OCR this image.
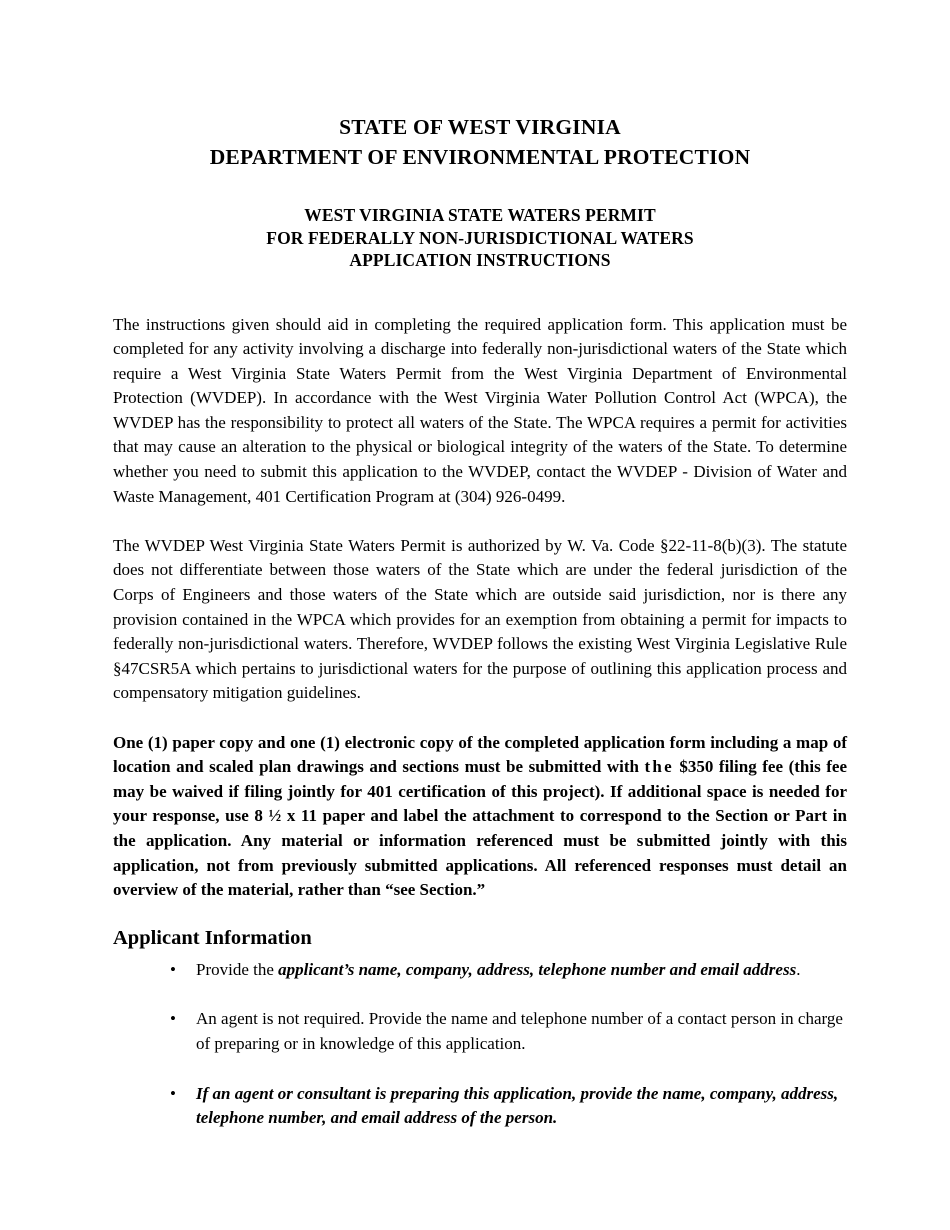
STATE OF WEST VIRGINIA
DEPARTMENT OF ENVIRONMENTAL PROTECTION
WEST VIRGINIA STATE WATERS PERMIT
FOR FEDERALLY NON-JURISDICTIONAL WATERS
APPLICATION INSTRUCTIONS

The instructions given should aid in completing the required application form. This application must be completed for any activity involving a discharge into federally non-jurisdictional waters of the State which require a West Virginia State Waters Permit from the West Virginia Department of Environmental Protection (WVDEP). In accordance with the West Virginia Water Pollution Control Act (WPCA), the WVDEP has the responsibility to protect all waters of the State. The WPCA requires a permit for activities that may cause an alteration to the physical or biological integrity of the waters of the State. To determine whether you need to submit this application to the WVDEP, contact the WVDEP - Division of Water and Waste Management, 401 Certification Program at (304) 926-0499.

The WVDEP West Virginia State Waters Permit is authorized by W. Va. Code §22-11-8(b)(3). The statute does not differentiate between those waters of the State which are under the federal jurisdiction of the Corps of Engineers and those waters of the State which are outside said jurisdiction, nor is there any provision contained in the WPCA which provides for an exemption from obtaining a permit for impacts to federally non-jurisdictional waters. Therefore, WVDEP follows the existing West Virginia Legislative Rule §47CSR5A which pertains to jurisdictional waters for the purpose of outlining this application process and compensatory mitigation guidelines.

One (1) paper copy and one (1) electronic copy of the completed application form including a map of location and scaled plan drawings and sections must be submitted with the $350 filing fee (this fee may be waived if filing jointly for 401 certification of this project). If additional space is needed for your response, use 8 ½ x 11 paper and label the attachment to correspond to the Section or Part in the application. Any material or information referenced must be submitted jointly with this application, not from previously submitted applications. All referenced responses must detail an overview of the material, rather than “see Section.”

Applicant Information
• Provide the applicant’s name, company, address, telephone number and email address.
• An agent is not required. Provide the name and telephone number of a contact person in charge of preparing or in knowledge of this application.
• If an agent or consultant is preparing this application, provide the name, company, address, telephone number, and email address of the person.
